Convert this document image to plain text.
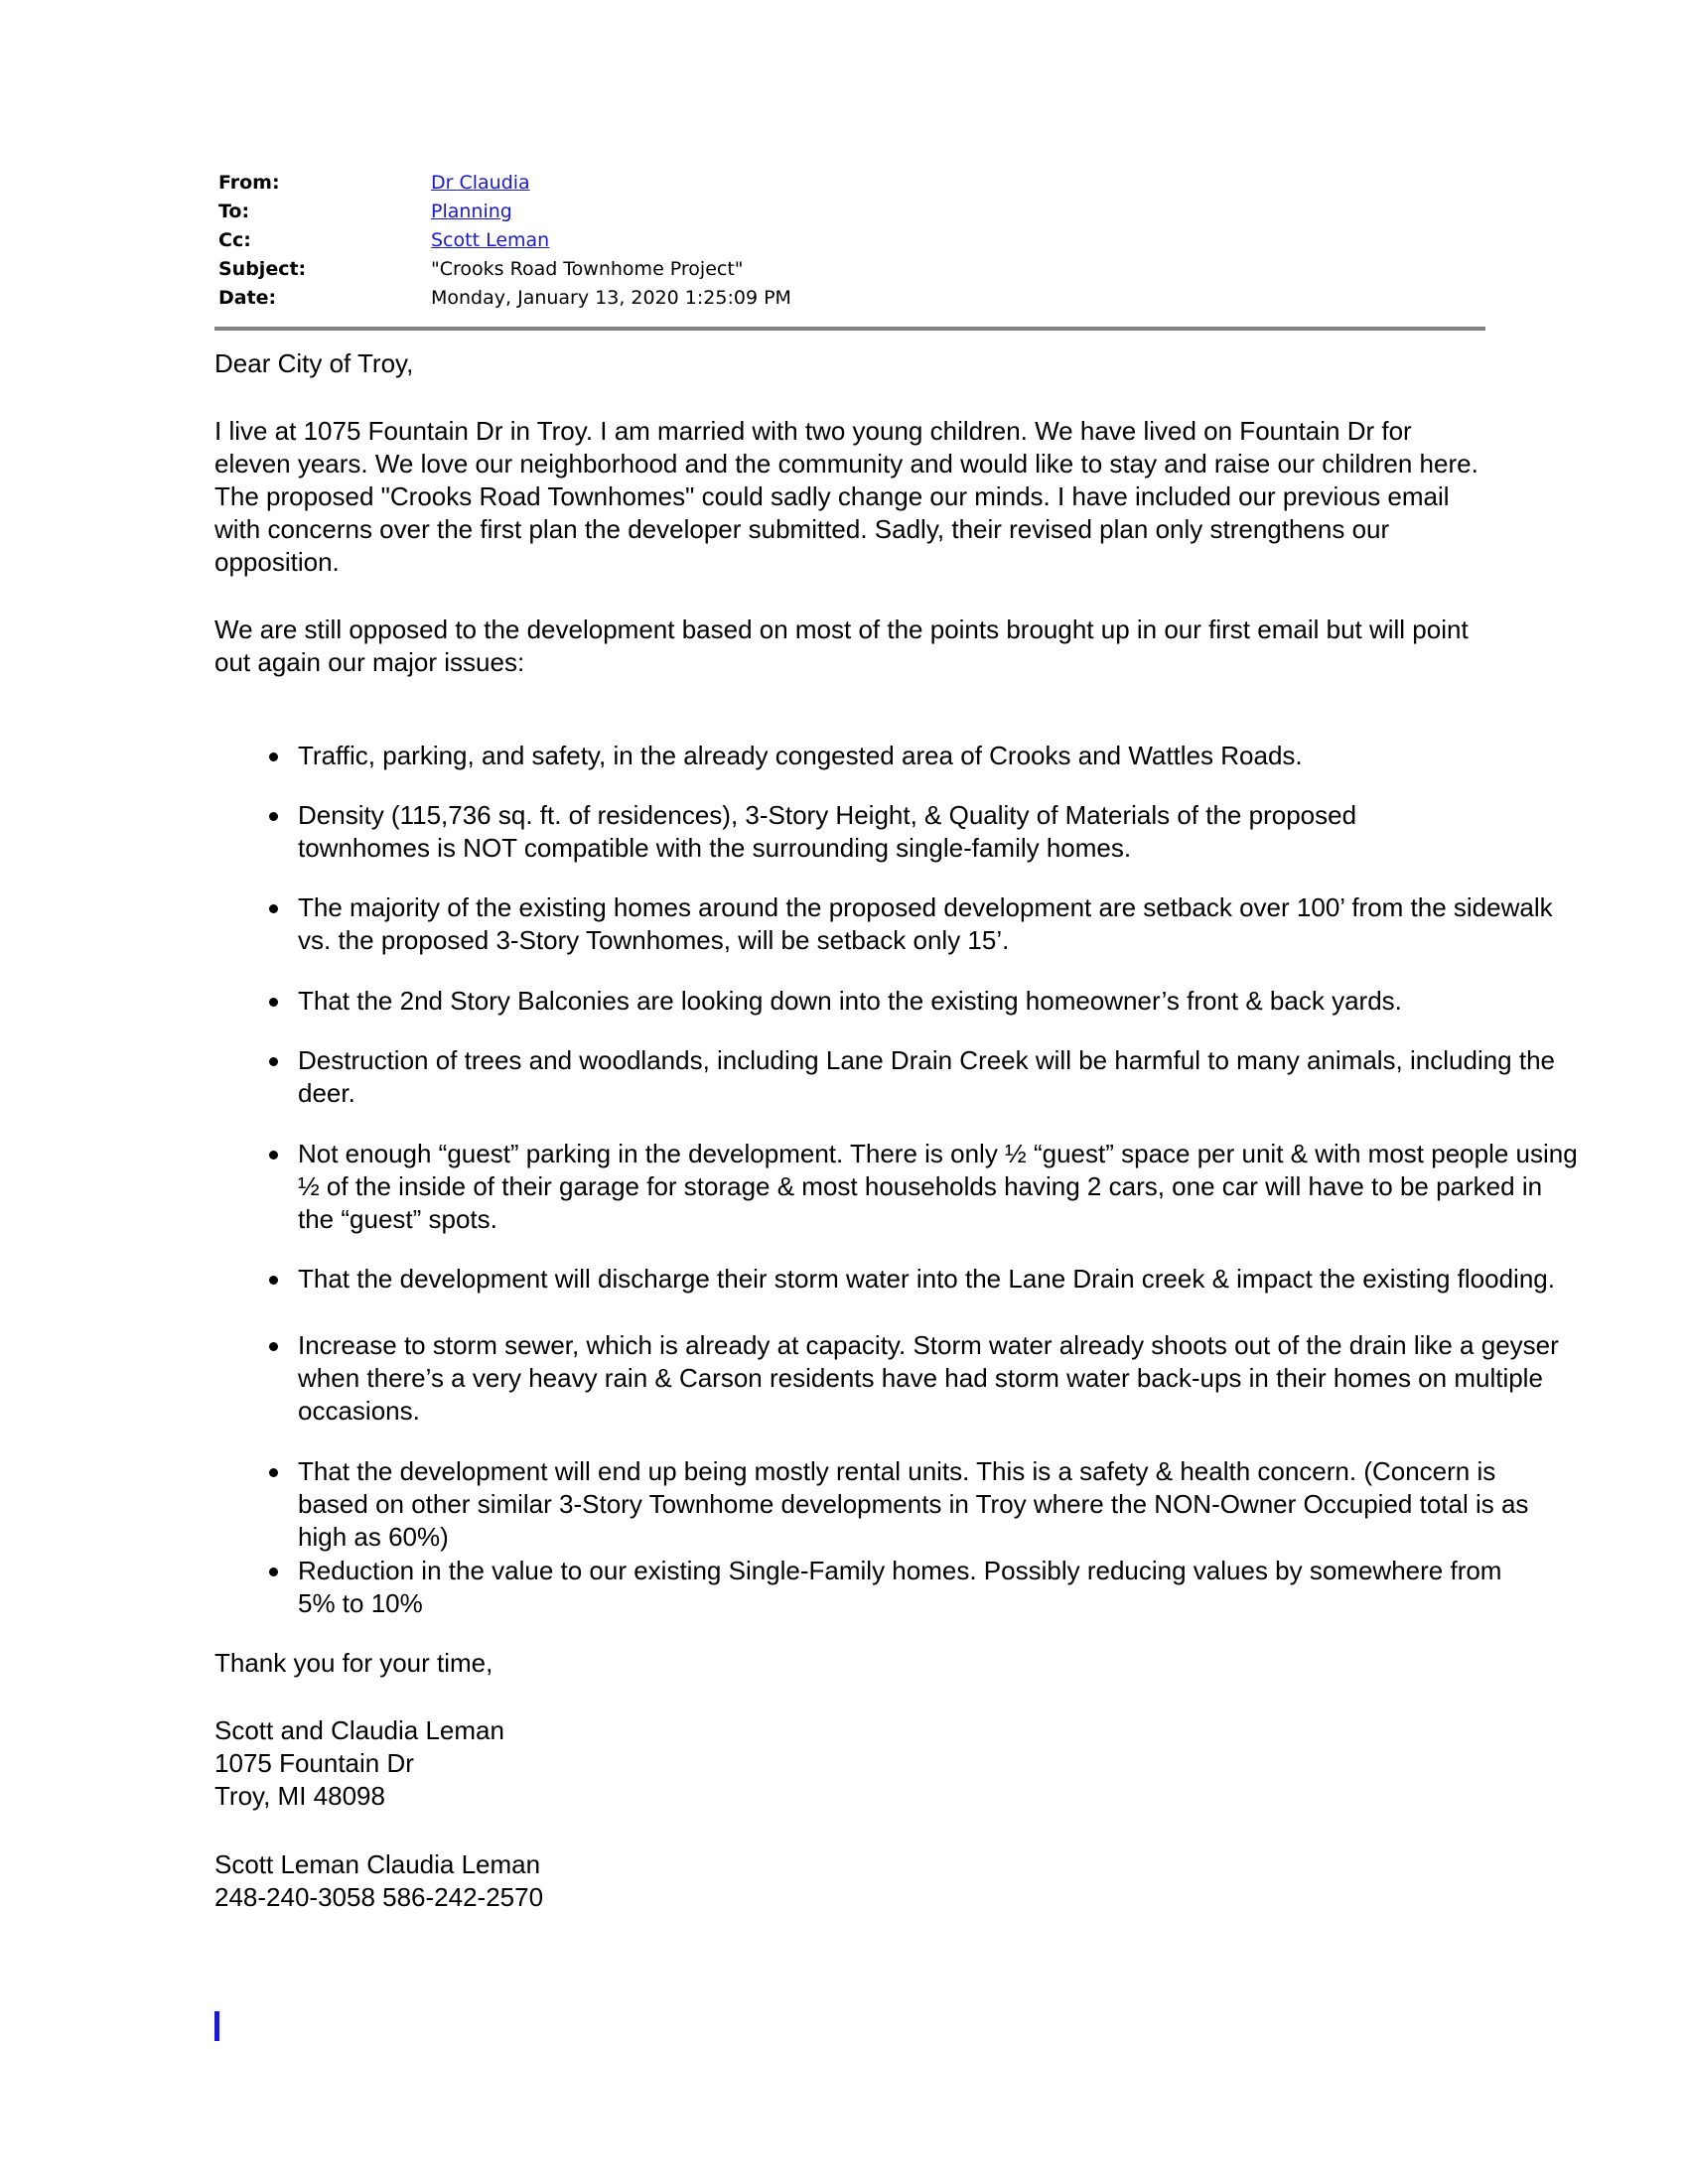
From:	Dr Claudia
To:	Planning
Cc:	Scott Leman
Subject:	"Crooks Road Townhome Project"
Date:	Monday, January 13, 2020 1:25:09 PM

Dear City of Troy,

I live at 1075 Fountain Dr in Troy. I am married with two young children. We have lived on Fountain Dr for eleven years. We love our neighborhood and the community and would like to stay and raise our children here. The proposed "Crooks Road Townhomes" could sadly change our minds. I have included our previous email with concerns over the first plan the developer submitted. Sadly, their revised plan only strengthens our opposition.

We are still opposed to the development based on most of the points brought up in our first email but will point out again our major issues:

Traffic, parking, and safety, in the already congested area of Crooks and Wattles Roads.
Density (115,736 sq. ft. of residences), 3-Story Height, & Quality of Materials of the proposed townhomes is NOT compatible with the surrounding single-family homes.
The majority of the existing homes around the proposed development are setback over 100’ from the sidewalk vs. the proposed 3-Story Townhomes, will be setback only 15’.
That the 2nd Story Balconies are looking down into the existing homeowner’s front & back yards.
Destruction of trees and woodlands, including Lane Drain Creek will be harmful to many animals, including the deer.
Not enough “guest” parking in the development. There is only ½ “guest” space per unit & with most people using ½ of the inside of their garage for storage & most households having 2 cars, one car will have to be parked in the “guest” spots.
That the development will discharge their storm water into the Lane Drain creek & impact the existing flooding.
Increase to storm sewer, which is already at capacity. Storm water already shoots out of the drain like a geyser when there’s a very heavy rain & Carson residents have had storm water back-ups in their homes on multiple occasions.
That the development will end up being mostly rental units. This is a safety & health concern. (Concern is based on other similar 3-Story Townhome developments in Troy where the NON-Owner Occupied total is as high as 60%)
Reduction in the value to our existing Single-Family homes. Possibly reducing values by somewhere from 5% to 10%

Thank you for your time,

Scott and Claudia Leman

1075 Fountain Dr

Troy, MI 48098

Scott Leman Claudia Leman

248-240-3058 586-242-2570
